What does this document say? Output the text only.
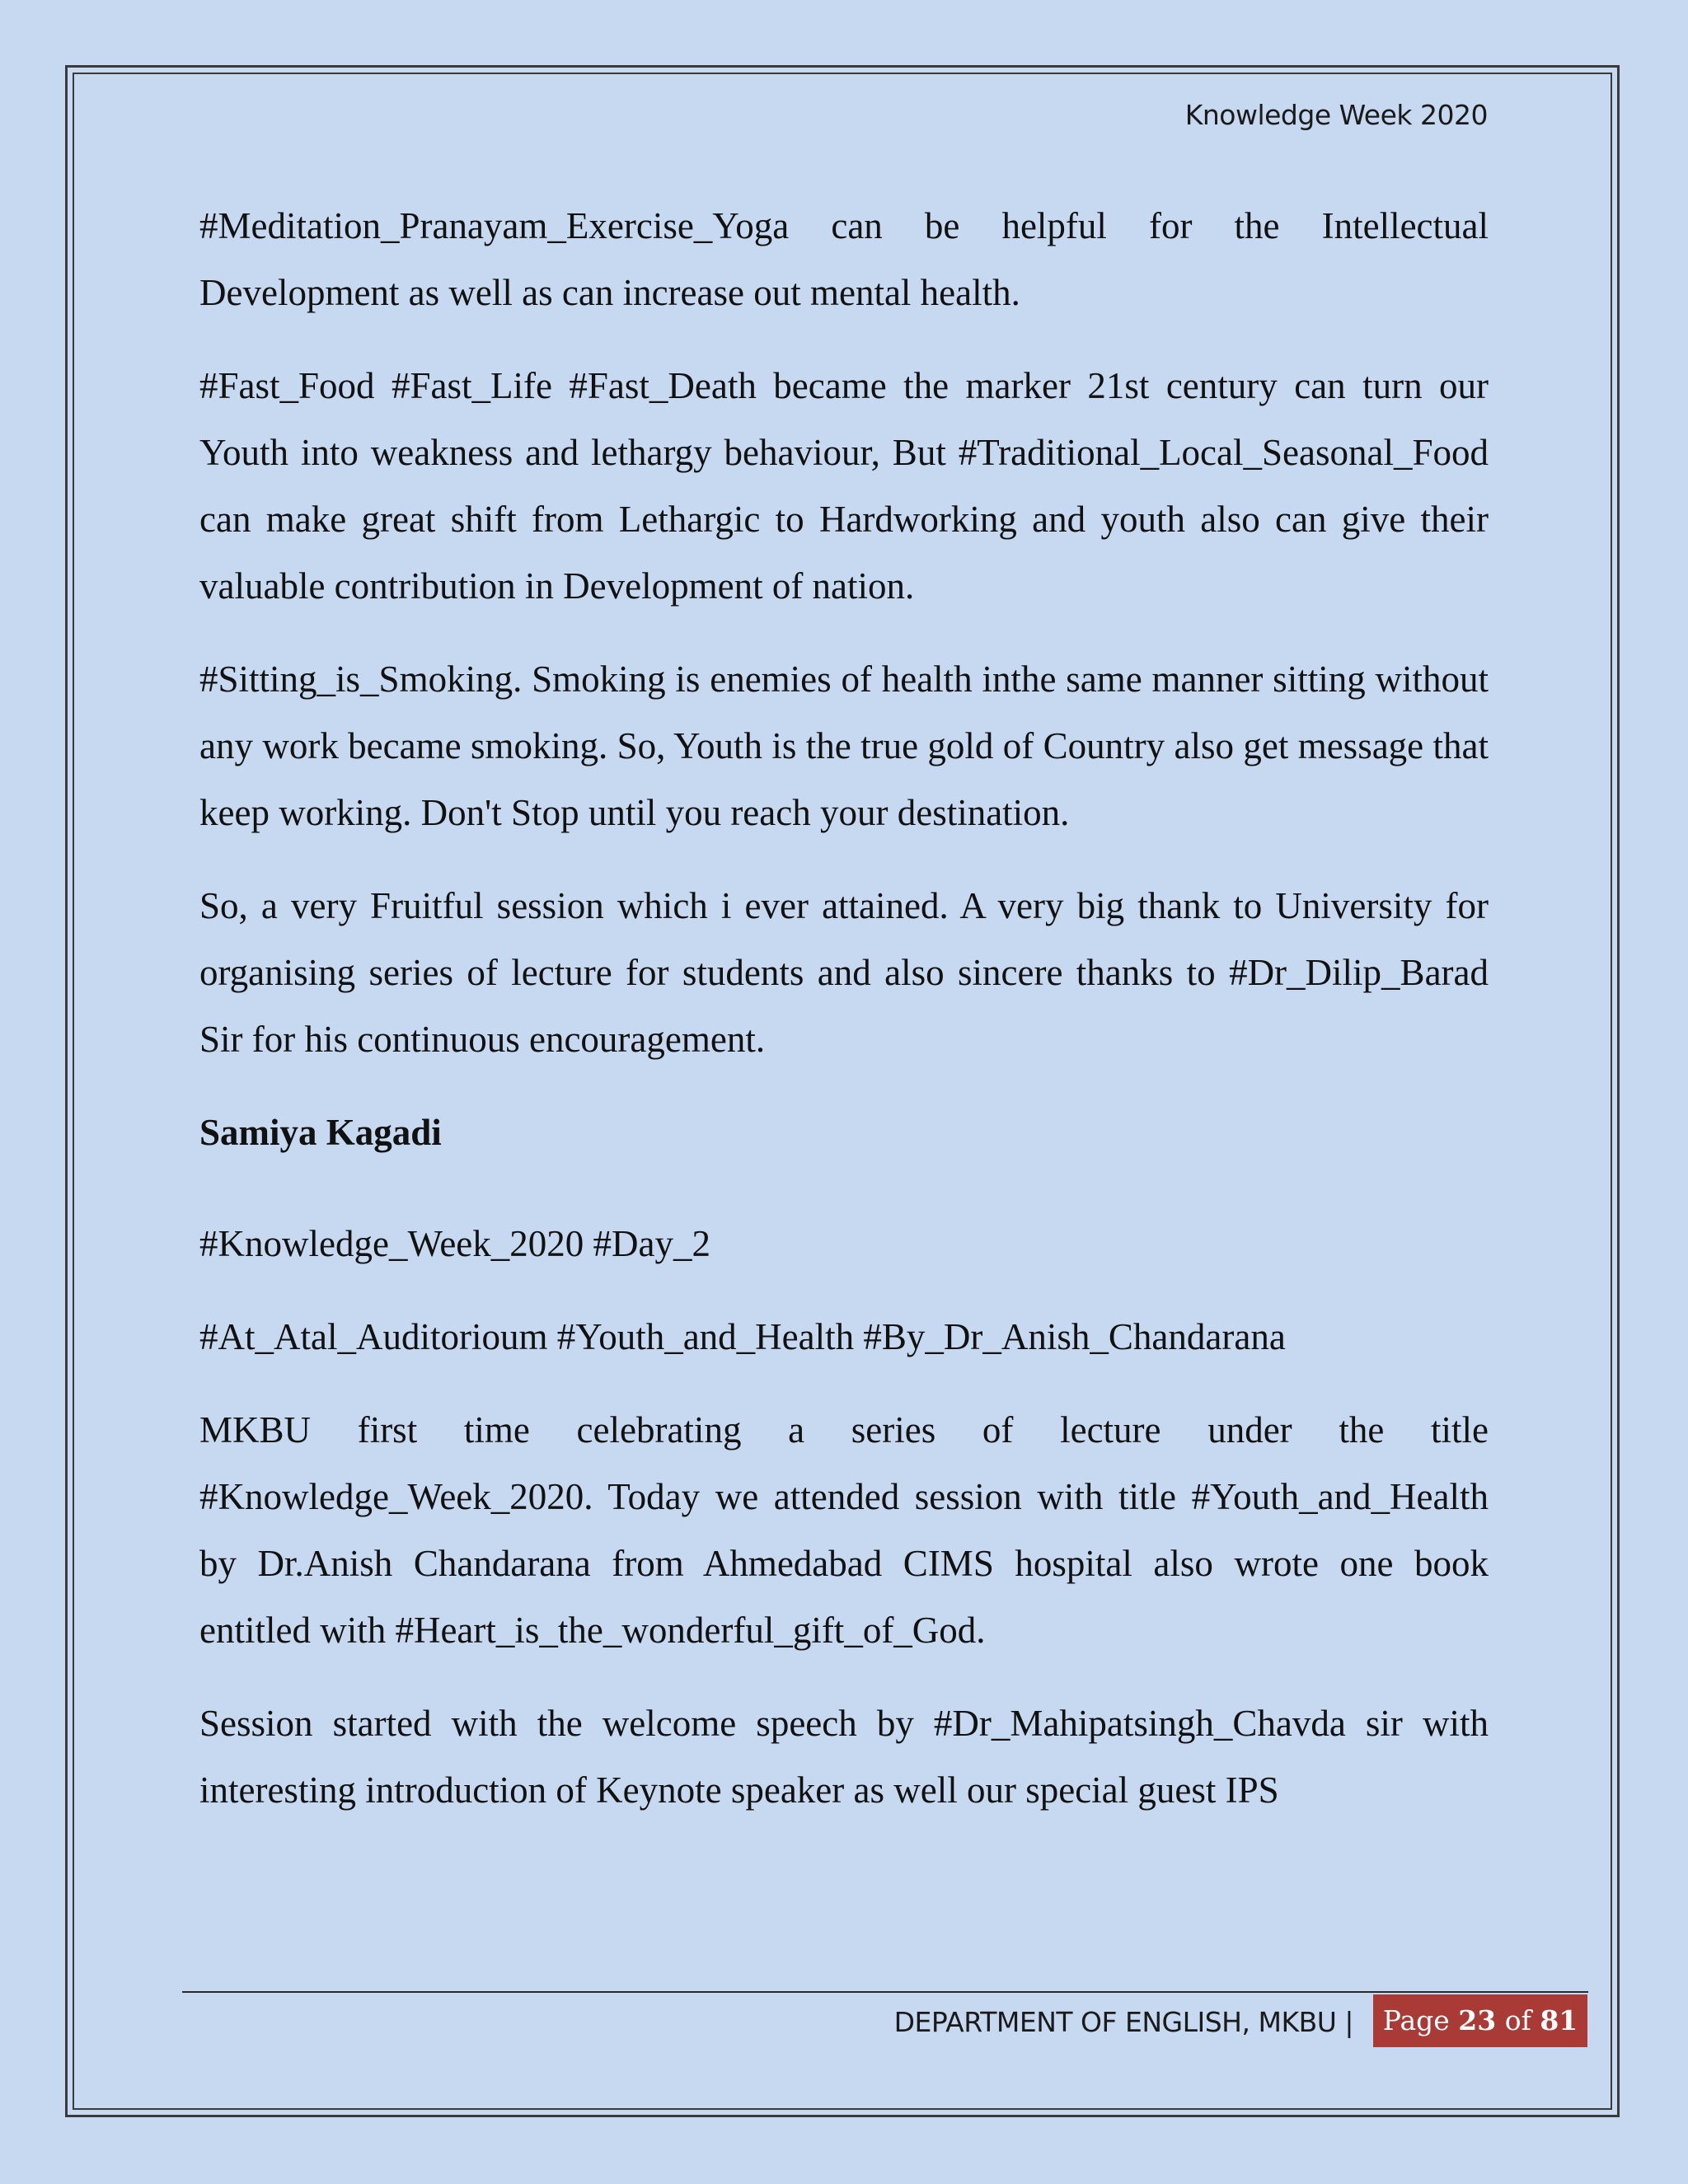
Knowledge Week 2020

#Meditation_Pranayam_Exercise_Yoga can be helpful for the Intellectual Development as well as can increase out mental health.

#Fast_Food #Fast_Life #Fast_Death became the marker 21st century can turn our Youth into weakness and lethargy behaviour, But #Traditional_Local_Seasonal_Food can make great shift from Lethargic to Hardworking and youth also can give their valuable contribution in Development of nation.

#Sitting_is_Smoking. Smoking is enemies of health inthe same manner sitting without any work became smoking. So, Youth is the true gold of Country also get message that keep working. Don't Stop until you reach your destination.

So, a very Fruitful session which i ever attained. A very big thank to University for organising series of lecture for students and also sincere thanks to #Dr_Dilip_Barad Sir for his continuous encouragement.

Samiya Kagadi

#Knowledge_Week_2020 #Day_2

#At_Atal_Auditorioum #Youth_and_Health #By_Dr_Anish_Chandarana

MKBU first time celebrating a series of lecture under the title #Knowledge_Week_2020. Today we attended session with title #Youth_and_Health by Dr.Anish Chandarana from Ahmedabad CIMS hospital also wrote one book entitled with #Heart_is_the_wonderful_gift_of_God.

Session started with the welcome speech by #Dr_Mahipatsingh_Chavda sir with interesting introduction of Keynote speaker as well our special guest IPS

DEPARTMENT OF ENGLISH, MKBU |	Page 23 of 81
